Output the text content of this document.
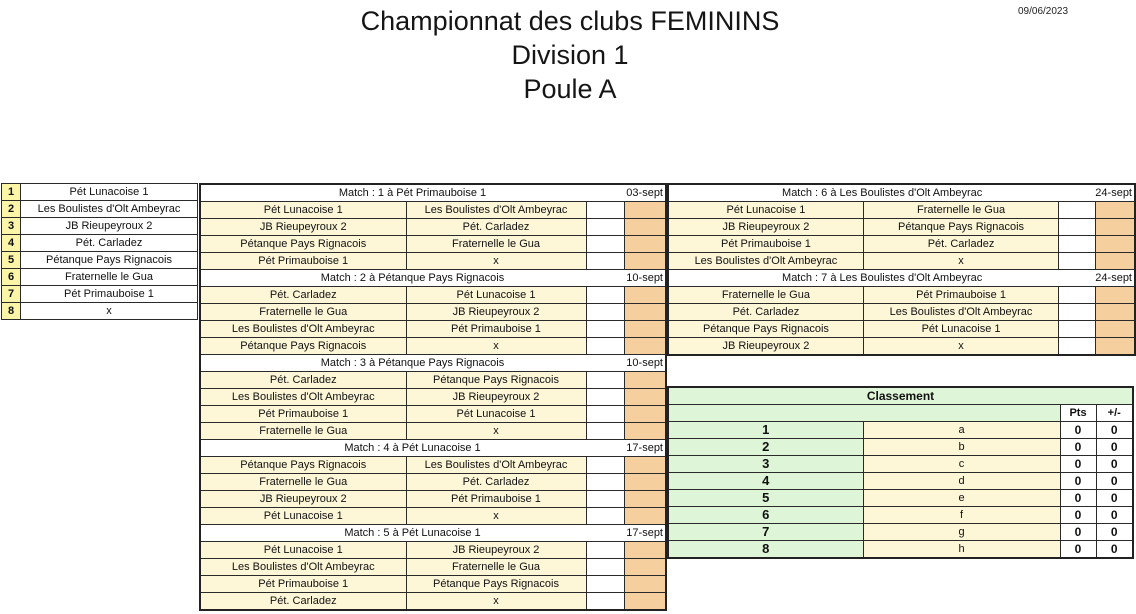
Championnat des clubs FEMININS
Division 1
Poule A
09/06/2023
1	Pét Lunacoise 1
2	Les Boulistes d'Olt Ambeyrac
3	JB Rieupeyroux 2
4	Pét. Carladez
5	Pétanque Pays Rignacois
6	Fraternelle le Gua
7	Pét Primauboise 1
8	x
Match : 1 à Pét Primauboise 1			03-sept
Pét Lunacoise 1	Les Boulistes d'Olt Ambeyrac		
JB Rieupeyroux 2	Pét. Carladez		
Pétanque Pays Rignacois	Fraternelle le Gua		
Pét Primauboise 1	x		
Match : 2 à Pétanque Pays Rignacois			10-sept
Pét. Carladez	Pét Lunacoise 1		
Fraternelle le Gua	JB Rieupeyroux 2		
Les Boulistes d'Olt Ambeyrac	Pét Primauboise 1		
Pétanque Pays Rignacois	x		
Match : 3 à Pétanque Pays Rignacois			10-sept
Pét. Carladez	Pétanque Pays Rignacois		
Les Boulistes d'Olt Ambeyrac	JB Rieupeyroux 2		
Pét Primauboise 1	Pét Lunacoise 1		
Fraternelle le Gua	x		
Match : 4 à Pét Lunacoise 1			17-sept
Pétanque Pays Rignacois	Les Boulistes d'Olt Ambeyrac		
Fraternelle le Gua	Pét. Carladez		
JB Rieupeyroux 2	Pét Primauboise 1		
Pét Lunacoise 1	x		
Match : 5 à Pét Lunacoise 1			17-sept
Pét Lunacoise 1	JB Rieupeyroux 2		
Les Boulistes d'Olt Ambeyrac	Fraternelle le Gua		
Pét Primauboise 1	Pétanque Pays Rignacois		
Pét. Carladez	x		
Match : 6 à Les Boulistes d'Olt Ambeyrac			24-sept
Pét Lunacoise 1	Fraternelle le Gua		
JB Rieupeyroux 2	Pétanque Pays Rignacois		
Pét Primauboise 1	Pét. Carladez		
Les Boulistes d'Olt Ambeyrac	x		
Match : 7 à Les Boulistes d'Olt Ambeyrac			24-sept
Fraternelle le Gua	Pét Primauboise 1		
Pét. Carladez	Les Boulistes d'Olt Ambeyrac		
Pétanque Pays Rignacois	Pét Lunacoise 1		
JB Rieupeyroux 2	x		
Classement			
		Pts	+/-
1	a	0	0
2	b	0	0
3	c	0	0
4	d	0	0
5	e	0	0
6	f	0	0
7	g	0	0
8	h	0	0
